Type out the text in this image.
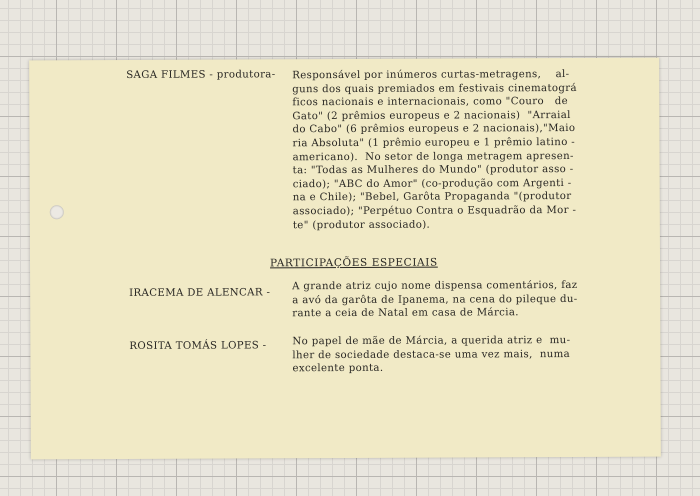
SAGA FILMES - produtora- Responsável por inúmeros curtas-metragens,    al-
guns dos quais premiados em festivais cinematográ
ficos nacionais e internacionais, como "Couro   de
Gato" (2 prêmios europeus e 2 nacionais)  "Arraial
do Cabo" (6 prêmios europeus e 2 nacionais),"Maio
ria Absoluta" (1 prêmio europeu e 1 prêmio latino -
americano).  No setor de longa metragem apresen-
ta: "Todas as Mulheres do Mundo" (produtor asso -
ciado); "ABC do Amor" (co-produção com Argenti -
na e Chile); "Bebel, Garôta Propaganda "(produtor
associado); "Perpétuo Contra o Esquadrão da Mor -
te" (produtor associado).
PARTICIPAÇÕES ESPECIAIS
IRACEMA DE ALENCAR -
A grande atriz cujo nome dispensa comentários, faz
a avó da garôta de Ipanema, na cena do pileque du-
rante a ceia de Natal em casa de Márcia.
ROSITA TOMÁS LOPES -	No papel de mãe de Márcia, a querida atriz e  mu-
lher de sociedade destaca-se uma vez mais,  numa
excelente ponta.
